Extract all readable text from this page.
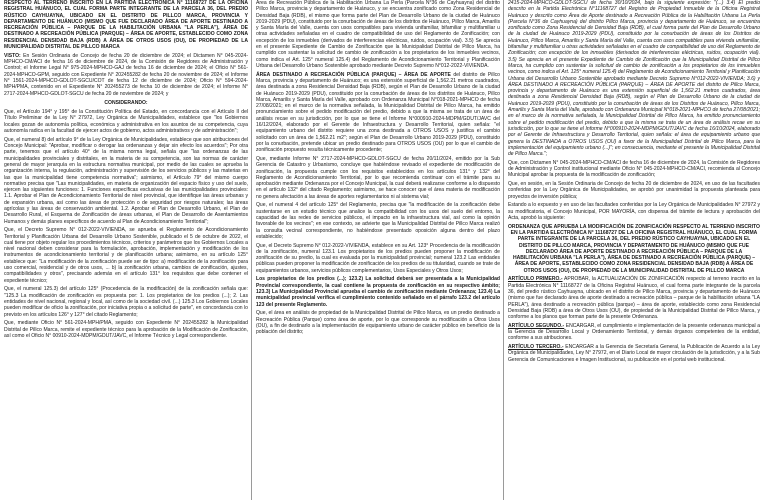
RESPECTO AL TERRENO INSCRITO EN LA PARTIDA ELECTRÓNICA N° 11168727 DE LA OFICINA REGISTRAL HUÁNUCO, EL CUAL FORMA PARTE INTEGRANTE DE LA PARCELA 36, DEL PREDIO RÚSTICO CAYHUAYNA, UBICADO EN EL DISTRITO DE PILLCO MARCA, PROVINCIA Y DEPARTAMENTO DE HUÁNUCO (MISMO QUE FUE DECLARADO ÁREA DE APORTE DESTINADO A RECREACIÓN PÚBLICA – PARQUE DE LA HABILITACIÓN URBANA "LA PERLA"), ÁREA DE DESTINADO A RECREACIÓN PÚBLICA (PARQUE) – ÁREA DE APORTE, ESTABLECIDO COMO ZONA RESIDENCIAL DENSIDAD BAJA (RDB) A ÁREA DE OTROS USOS (OU), DE PROPIEDAD DE LA MUNICIPALIDAD DISTRITAL DE PILLCO MARCA

VISTO: En Sesión Ordinaria de Concejo de fecha 20 de diciembre de 2024; el Dictamen N° 045-2024-MPHCO-CM/ACI de fecha 16 de diciembre de 2024, de la Comisión de Regidores de Administración y Control; el Informe Legal N° 975-2024-MPHCO-GAJ de fecha 16 de diciembre de 2024; el Oficio N° 561-2024-MPHCO-GPM, seguido con Expediente N° 202455282 de fecha 20 de noviembre de 2024; el Informe N° 1561-2024-MPHCO-GDLOT-SGCU/COT de fecha 12 de diciembre de 2024; Oficio N° 594-2024-MPH/PMA, contenido en el Expediente N° 202455273 de fecha 10 de diciembre de 2024; el Informe N° 2717-2024-MPHCO-GDLOT-SGCU de fecha 20 de noviembre de 2024; y

CONSIDERANDO:

Que, el Artículo 194° y 195° de la Constitución Política del Estado, en concordancia con el Artículo II del Título Preliminar de la Ley N° 27972, Ley Orgánica de Municipalidades, establece que "los Gobiernos locales gozan de autonomía política, económica y administrativa en los asuntos de su competencia, cuya autonomía radica en la facultad de ejercer actos de gobierno, actos administrativos y de administración";

Que, el numeral 8) del artículo 9° de la Ley Orgánica de Municipalidades, establece que son atribuciones del Concejo Municipal: "Aprobar, modificar o derogar las ordenanzas y dejar sin efecto los acuerdos"; Por otra parte, tenemos que el artículo 40° de la misma norma legal, señala que "las ordenanzas de las municipalidades provinciales y distritales, en la materia de su competencia, son las normas de carácter general de mayor jerarquía en la estructura normativa municipal, por medio de las cuales se aprueba la organización interna, la regulación, administración y supervisión de los servicios públicos y las materias en las que la municipalidad tiene competencia normativa"; asimismo, el Artículo 79° del mismo cuerpo normativo precisa que "Las municipalidades, en materia de organización del espacio físico y uso del suelo, ejercen las siguientes funciones: 1. Funciones específicas exclusivas de las municipalidades provinciales: 1.1. Aprobar el Plan de Acondicionamiento Territorial de nivel provincial, que identifique las áreas urbanas y de expansión urbana, así como las áreas de protección o de seguridad por riesgos naturales; las áreas agrícolas y las áreas de conservación ambiental. 1.2. Aprobar el Plan de Desarrollo Urbano, el Plan de Desarrollo Rural, el Esquema de Zonificación de áreas urbanas, el Plan de Desarrollo de Asentamientos Humanos y demás planes específicos de acuerdo al Plan de Acondicionamiento Territorial";

Que, el Decreto Supremo N° 012-2022-VIVIENDA, se aprueba el Reglamento de Acondicionamiento Territorial y Planificación Urbana del Desarrollo Urbano Sostenible, publicado el 5 de octubre de 2022, el cual tiene por objeto regular los procedimientos técnicos, criterios y parámetros que los Gobiernos Locales a nivel nacional deben considerar para la formulación, aprobación, implementación y modificación de los instrumentos de acondicionamiento territorial y de planificación urbana; asimismo, en su artículo 125° establece que: "La modificación de la zonificación puede ser de tipo: a) modificación de la zonificación para uso comercial, residencial y de otros usos, ... b) la zonificación urbana, cambios de zonificación, ajustes, compatibilidades y otros", precisando además en el artículo 131° los requisitos que debe contener el expediente técnico;

Que, el numeral 125.3) del artículo 125° (Procedencia de la modificación) de la zonificación señala que: "125.3 La modificación de zonificación es propuesta por: 1. Los propietarios de los predios (...); 2. Las entidades de nivel nacional, regional y local, así como de la sociedad civil. (...) 125.3 Los Gobiernos Locales pueden modificar de oficio la zonificación, por iniciativa propia o a solicitud de parte", en concordancia con lo previsto en los artículos 126° y 127° del citado Reglamento;

Que, mediante Oficio N° 561-2024-MPH/PMA, seguido con Expediente N° 202455282 la Municipalidad Distrital de Pillco Marca, remite el expediente técnico para la aprobación de la Modificación de Zonificación, así como el Oficio N° 00910-2024-MDPM/GDUT/JAVC, el Informe Técnico y Legal correspondiente.

Área de Recreación Pública de la Habilitación Urbana La Perla (Parcela N°36 de Cayhuayna) del distrito Pillco Marca, provincia y departamento de Huánuco, y se encuentra zonificado como Zona Residencial de Densidad Baja (RDB), el mismo que forma parte del Plan de Desarrollo Urbano de la ciudad de Huánuco 2019-2029 (PDU), constituido por la conurbación de áreas de los distritos de Huánuco, Pillco Marca, Amarilis y Santa María del Valle, cuenta con usos compatibles para vivienda unifamiliar, bifamiliar y multifamiliar u otras actividades señaladas en el cuadro de compatibilidad de uso del Reglamento de Zonificación; con excepción de los inmuebles (derivados de interferencias eléctricas, ruidos, ocupación vial). 3.5) Se aprecia en el presente Expediente de Cambio de Zonificación que la Municipalidad Distrital de Pillco Marca, ha cumplido con sustentar la solicitud de cambio de zonificación a los propietarios de los inmuebles vecinos, como indica el Art. 125° numeral 125.4) del Reglamento de Acondicionamiento Territorial y Planificación Urbana del Desarrollo Urbano Sostenible aprobado mediante Decreto Supremo N°012-2022-VIVIENDA.

ÁREA DESTINADO A RECREACIÓN PÚBLICA (PARQUE) – ÁREA DE APORTE del distrito de Pillco Marca, provincia y departamento de Huánuco; es una extensión superficial de 1,562.21 metros cuadrados, área destinada a zona Residencial Densidad Baja (RDB), según el Plan de Desarrollo Urbano de la ciudad de Huánuco 2019-2029 (PDU), constituido por la conurbación de áreas de los distritos de Huánuco, Pillco Marca, Amarilis y Santa María del Valle, aprobado con Ordenanza Municipal N°018-2021-MPHCO de fecha 27/08/2021; en el marco de la normativa señalada, la Municipalidad Distrital de Pillco Marca, ha emitido pronunciamiento sobre el pedido modificación del predio, debido a que la misma se trata de un área de análisis recae en su jurisdicción, por lo que se tiene el Informe N°000910-2024-MDPM/GDUT/JAVC del 16/12/2024, elaborado por el Gerente de Infraestructura y Desarrollo Territorial, quien señala: "el equipamiento urbano del distrito requiere una zona destinada a OTROS USOS y justifica el cambio solicitado con un área de 1,562.21 m2"; según el Plan de Desarrollo Urbano 2019-2029 (PDU), constituido por la conurbación, pretende ubicar un predio destinado para OTROS USOS (OU) por lo que el cambio de zonificación propuesto resulta técnicamente procedente;

Que, mediante Informe N° 2717-2024-MPHCO-GDLOT-SGCU de fecha 20/11/2024, emitido por la Sub Gerencia de Catastro y Urbanismo, concluye que habiéndose revisado el expediente de modificación de zonificación, la propuesta cumple con los requisitos establecidos en los artículos 131° y 132° del Reglamento de Acondicionamiento Territorial, por lo que recomienda continuar con el trámite para su aprobación mediante Ordenanza por el Concejo Municipal, la cual deberá realizarse conforme a lo dispuesto en el artículo 132° del citado Reglamento; asimismo, se hace conocer que el área materia de modificación no genera afectación a las áreas de aportes reglamentarios ni al sistema vial;

Que, el numeral 4 del artículo 125° del Reglamento, precisa que "la modificación de la zonificación debe sustentarse en un estudio técnico que analice la compatibilidad con los usos del suelo del entorno, la capacidad de las redes de servicios públicos, el impacto en la infraestructura vial, así como la opinión favorable de los vecinos"; en ese contexto, se advierte que la Municipalidad Distrital de Pillco Marca realizó la consulta vecinal correspondiente, no habiéndose presentado oposición alguna dentro del plazo establecido;

Que, el Decreto Supremo N° 012-2022-VIVIENDA, establece en su Art. 123° Procedencia de la modificación de la zonificación, numeral 123.1 Los propietarios de los predios pueden proponer la modificación de zonificación de su predio, la cual es evaluada por la municipalidad provincial; numeral 123.2 Las entidades públicas pueden proponer la modificación de zonificación de los predios de su titularidad, cuando se trate de equipamientos urbanos, servicios públicos complementarios, Usos Especiales y Otros Usos;

Los propietarios de los predios (...); 123.2) La solicitud deberá ser presentada a la Municipalidad Provincial correspondiente, la cual contiene la propuesta de zonificación en su respectivo ámbito; 123.3) La Municipalidad Provincial aprueba el cambio de zonificación mediante Ordenanza; 123.4) La municipalidad provincial verifica el cumplimiento contenido señalado en el párrafo 123.2 del artículo 123 del presente Reglamento.

Que, el área en análisis de propiedad de la Municipalidad Distrital de Pillco Marca, es un predio destinado a Recreación Pública (Parque) como área de aporte, por lo que corresponde su modificación a Otros Usos (OU), a fin de destinarlo a la implementación de equipamiento urbano de carácter público en beneficio de la población del distrito;

2415-2024-MPHCO-GDLOT-SGCU de fecha 30/10/2024, bajo la siguiente expresión: "(...) 3.4) El predio descrito en la Partida Electrónica N°11168727 del Registro de Propiedad Inmueble de la Oficina Registral Huánuco y descrito como Área de Aporte destinado a Recreación Pública de la Habilitación Urbana La Perla (Parcela N°36 de Cayhuayna) del distrito Pillco Marca, provincia y departamento de Huánuco, se encuentra zonificado como Zona Residencial de Densidad Baja (RDB), el cual forma parte del Plan de Desarrollo Urbano de la ciudad de Huánuco 2019-2029 (PDU), constituido por la conurbación de áreas de los Distritos de Huánuco, Pillco Marca, Amarilis y Santa María del Valle, cuenta con usos compatibles para vivienda unifamiliar, bifamiliar y multifamiliar u otras actividades señaladas en el cuadro de compatibilidad de uso del Reglamento de Zonificación; con excepción de los inmuebles (derivados de interferencias eléctricas, ruidos, ocupación vial). 3.5) Se aprecia en el presente Expediente de Cambio de Zonificación que la Municipalidad Distrital de Pillco Marca, ha cumplido con sustentar la solicitud de cambio de zonificación a los propietarios de los inmuebles vecinos, como indica el Art. 125° numeral 125.4) del Reglamento de Acondicionamiento Territorial y Planificación Urbana del Desarrollo Urbano Sostenible aprobado mediante Decreto Supremo N°012-2022-VIVIENDA; 3.6) y ÁREA DESTINADO A RECREACIÓN PÚBLICA (PARQUE) – ÁREA DE APORTE del distrito de Pillco Marca, provincia y departamento de Huánuco es una extensión superficial de 1,562.21 metros cuadrados, área destinada a zona Residencial Densidad Baja (RDB), según el Plan de Desarrollo Urbano de la ciudad de Huánuco 2019-2029 (PDU), constituido por la conurbación de áreas de los Distritos de Huánuco, Pillco Marca, Amarilis y Santa María del Valle, aprobado con Ordenanza Municipal N°018-2021-MPHCO de fecha 27/08/2021; en el marco de la normativa señalada, la Municipalidad Distrital de Pillco Marca, ha emitido pronunciamiento sobre el pedido modificación del predio, debido a que la misma se trata de un área de análisis recae en su jurisdicción, por lo que se tiene el Informe N°000910-2024-MDPM/GDUT/JAVC de fecha 16/10/2024, elaborado por el Gerente de Infraestructura y Desarrollo Territorial, quien señala: el área de equipamiento urbano que genera la DESTINADA a OTROS USOS (OU) a favor de la Municipalidad Distrital de Pillco Marca, para la implementación del equipamiento urbano (...)"; en consecuencia, mediante el presente la Municipalidad Distrital de Pillco Marca.";

Que, con Dictamen N° 045-2024-MPHCO-CM/ACI de fecha 16 de diciembre de 2024, la Comisión de Regidores de Administración y Control institucional mediante Oficio N° 045-2024-MPHCO-CM/ACI, recomienda al Concejo Municipal aprobar la propuesta de la modificación de zonificación;

Que, en sesión, en la Sesión Ordinaria de Concejo de fecha 20 de diciembre de 2024, en uso de las facultades conferidas por la Ley Orgánica de Municipalidades, se aprobó por unanimidad la propuesta planteada para proyectos de inversión pública;

Estando a lo expuesto y en uso de las facultades conferidas por la Ley Orgánica de Municipalidades N° 27972 y su modificatoria, el Concejo Municipal, POR MAYORÍA, con dispensa del trámite de lectura y aprobación del Acta, aprobó la siguiente:

ORDENANZA QUE APRUEBA LA MODIFICACIÓN DE ZONIFICACIÓN RESPECTO AL TERRENO INSCRITO EN LA PARTIDA ELECTRÓNICA N° 11168727 DE LA OFICINA REGISTRAL HUÁNUCO, EL CUAL FORMA PARTE INTEGRANTE DE LA PARCELA 36, DEL PREDIO RÚSTICO CAYHUAYNA, UBICADO EN EL DISTRITO DE PILLCO MARCA, PROVINCIA Y DEPARTAMENTO DE HUÁNUCO (MISMO QUE FUE DECLARADO ÁREA DE APORTE DESTINADO A RECREACIÓN PÚBLICA – PARQUE DE LA HABILITACIÓN URBANA "LA PERLA"), ÁREA DE DESTINADO A RECREACIÓN PÚBLICA (PARQUE) – ÁREA DE APORTE, ESTABLECIDO COMO ZONA RESIDENCIAL DENSIDAD BAJA (RDB) A ÁREA DE OTROS USOS (OU), DE PROPIEDAD DE LA MUNICIPALIDAD DISTRITAL DE PILLCO MARCA

ARTÍCULO PRIMERO.- APROBAR, la ACTUALIZACIÓN DE ZONIFICACIÓN respecto al terreno inscrito en la Partida Electrónica N° 11168727 de la Oficina Registral Huánuco, el cual forma parte integrante de la parcela 36, del predio rústico Cayhuayna, ubicado en el distrito de Pillco Marca, provincia y departamento de Huánuco (mismo que fue declarado área de aporte destinado a recreación pública – parque de la habilitación urbana "LA PERLA"), área destinado a recreación pública (parque) – área de aporte, establecido como zona Residencial Densidad Baja (RDB) a área de Otros Usos (OU), de propiedad de la Municipalidad Distrital de Pillco Marca, y conforme a los planos que forman parte de la presente Ordenanza.

ARTÍCULO SEGUNDO.- ENCARGAR, el cumplimiento e implementación de la presente ordenanza municipal a la Gerencia de Desarrollo Local y Ordenamiento Territorial, y demás órganos competentes de la entidad, conforme a sus atribuciones.

ARTÍCULO TERCERO.- ENCARGAR a la Gerencia de Secretaría General, la Publicación de Acuerdo a la Ley Orgánica de Municipalidades, Ley N° 27972, en el Diario Local de mayor circulación de la jurisdicción, y a la Sub Gerencia de Comunicaciones e Imagen Institucional, su publicación en el portal web institucional.
